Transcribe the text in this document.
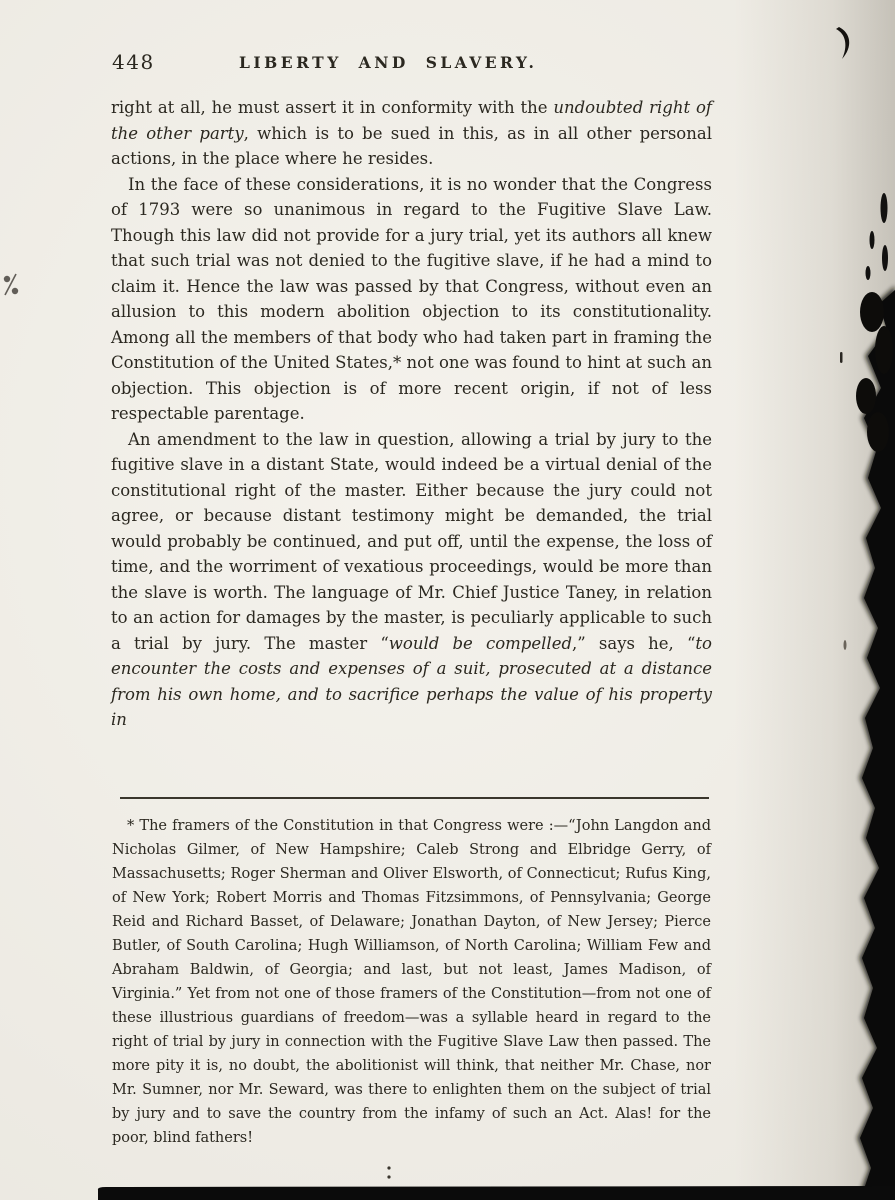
448	LIBERTY AND SLAVERY.

right at all, he must assert it in conformity with the undoubted right of the other party, which is to be sued in this, as in all other personal actions, in the place where he resides.

In the face of these considerations, it is no wonder that the Congress of 1793 were so unanimous in regard to the Fugitive Slave Law. Though this law did not provide for a jury trial, yet its authors all knew that such trial was not denied to the fugitive slave, if he had a mind to claim it. Hence the law was passed by that Congress, without even an allusion to this modern abolition objection to its constitutionality. Among all the members of that body who had taken part in framing the Constitution of the United States,* not one was found to hint at such an objection. This objection is of more recent origin, if not of less respectable parentage.

An amendment to the law in question, allowing a trial by jury to the fugitive slave in a distant State, would indeed be a virtual denial of the constitutional right of the master. Either because the jury could not agree, or because distant testimony might be demanded, the trial would probably be continued, and put off, until the expense, the loss of time, and the worriment of vexatious proceedings, would be more than the slave is worth. The language of Mr. Chief Justice Taney, in relation to an action for damages by the master, is peculiarly applicable to such a trial by jury. The master “would be compelled,” says he, “to encounter the costs and expenses of a suit, prosecuted at a distance from his own home, and to sacrifice perhaps the value of his property in

* The framers of the Constitution in that Congress were :—“John Langdon and Nicholas Gilmer, of New Hampshire; Caleb Strong and Elbridge Gerry, of Massachusetts; Roger Sherman and Oliver Elsworth, of Connecticut; Rufus King, of New York; Robert Morris and Thomas Fitzsimmons, of Pennsylvania; George Reid and Richard Basset, of Delaware; Jonathan Dayton, of New Jersey; Pierce Butler, of South Carolina; Hugh Williamson, of North Carolina; William Few and Abraham Baldwin, of Georgia; and last, but not least, James Madison, of Virginia.” Yet from not one of those framers of the Constitution—from not one of these illustrious guardians of freedom—was a syllable heard in regard to the right of trial by jury in connection with the Fugitive Slave Law then passed. The more pity it is, no doubt, the abolitionist will think, that neither Mr. Chase, nor Mr. Sumner, nor Mr. Seward, was there to enlighten them on the subject of trial by jury and to save the country from the infamy of such an Act. Alas! for the poor, blind fathers!
